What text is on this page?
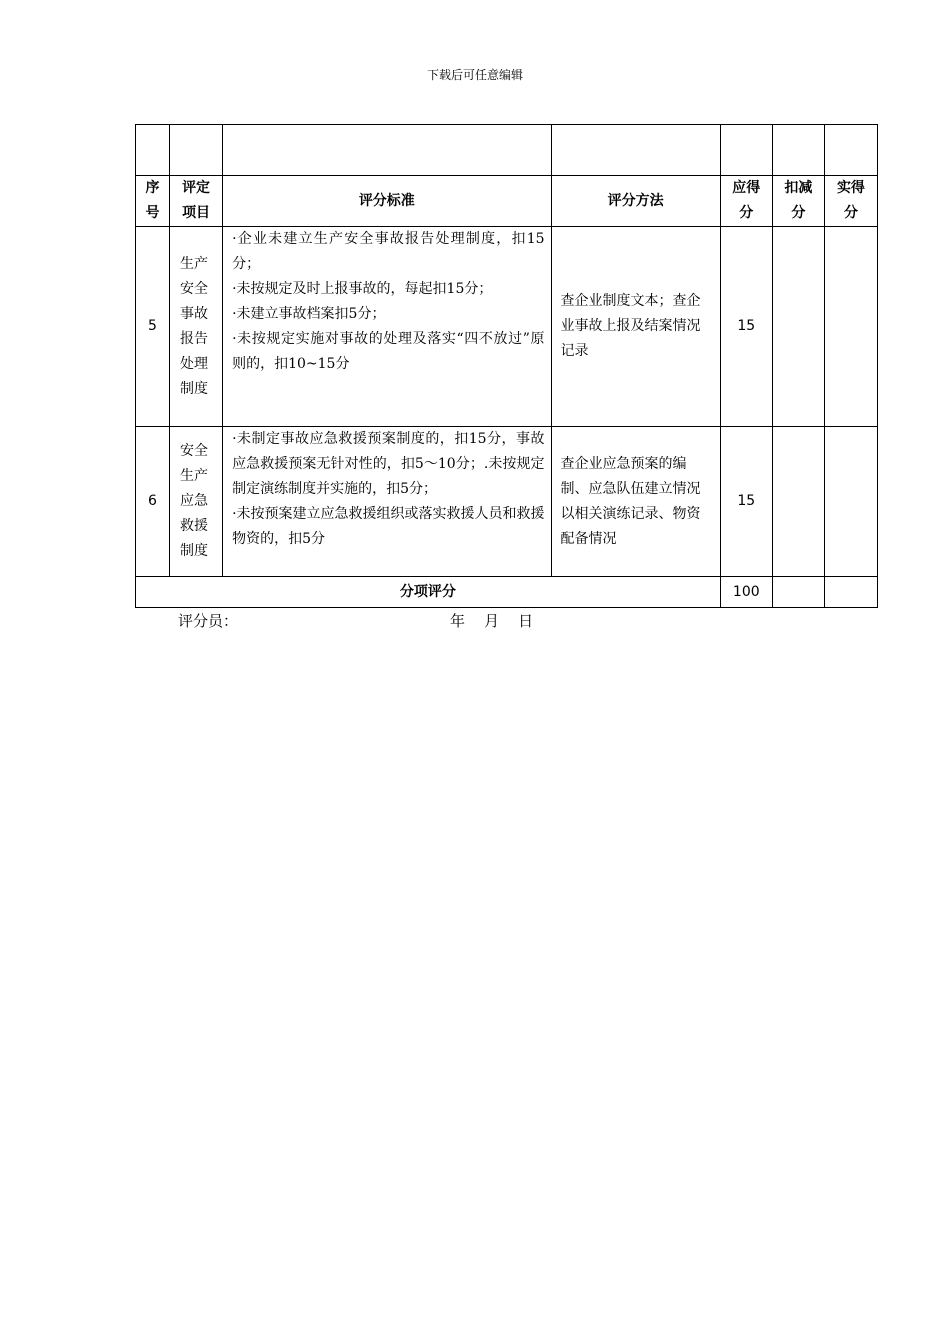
下载后可任意编辑

序号	评定项目	评分标准	评分方法	应得分	扣减分	实得分
5	生产安全事故报告处理制度	·企业未建立生产安全事故报告处理制度，扣15分；
·未按规定及时上报事故的，每起扣15分；
·未建立事故档案扣5分；
·未按规定实施对事故的处理及落实“四不放过”原则的，扣10~15分	查企业制度文本；查企业事故上报及结案情况记录	15		
6	安全生产应急救援制度	·未制定事故应急救援预案制度的，扣15分，事故应急救援预案无针对性的，扣5～10分；.未按规定制定演练制度并实施的，扣5分；
·未按预案建立应急救援组织或落实救援人员和救援物资的，扣5分	查企业应急预案的编制、应急队伍建立情况以相关演练记录、物资配备情况	15		
分项评分				100		
评分员：	年    月    日
